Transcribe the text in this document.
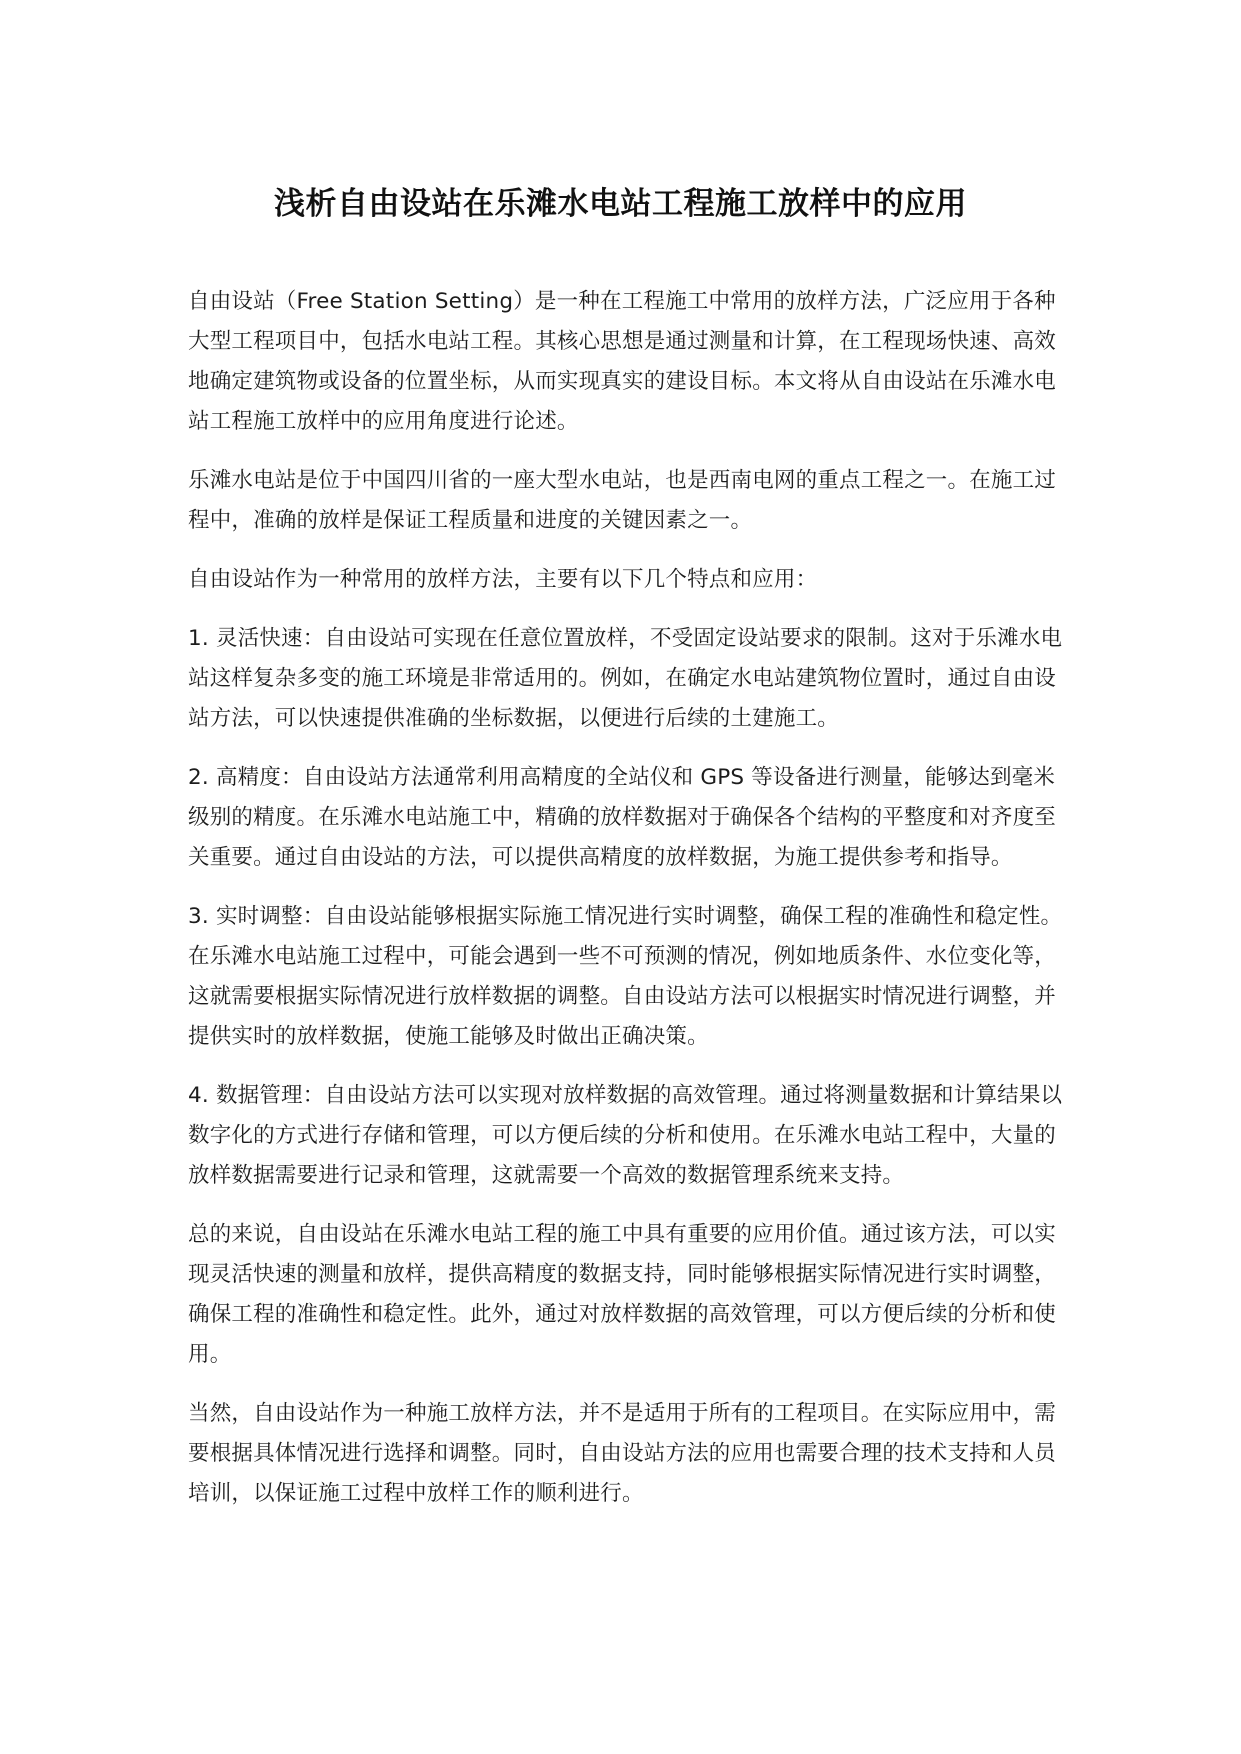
浅析自由设站在乐滩水电站工程施工放样中的应用

自由设站（Free Station Setting）是一种在工程施工中常用的放样方法，广泛应用于各种大型工程项目中，包括水电站工程。其核心思想是通过测量和计算，在工程现场快速、高效地确定建筑物或设备的位置坐标，从而实现真实的建设目标。本文将从自由设站在乐滩水电站工程施工放样中的应用角度进行论述。

乐滩水电站是位于中国四川省的一座大型水电站，也是西南电网的重点工程之一。在施工过程中，准确的放样是保证工程质量和进度的关键因素之一。

自由设站作为一种常用的放样方法，主要有以下几个特点和应用：

1. 灵活快速：自由设站可实现在任意位置放样，不受固定设站要求的限制。这对于乐滩水电站这样复杂多变的施工环境是非常适用的。例如，在确定水电站建筑物位置时，通过自由设站方法，可以快速提供准确的坐标数据，以便进行后续的土建施工。

2. 高精度：自由设站方法通常利用高精度的全站仪和 GPS 等设备进行测量，能够达到毫米级别的精度。在乐滩水电站施工中，精确的放样数据对于确保各个结构的平整度和对齐度至关重要。通过自由设站的方法，可以提供高精度的放样数据，为施工提供参考和指导。

3. 实时调整：自由设站能够根据实际施工情况进行实时调整，确保工程的准确性和稳定性。在乐滩水电站施工过程中，可能会遇到一些不可预测的情况，例如地质条件、水位变化等，这就需要根据实际情况进行放样数据的调整。自由设站方法可以根据实时情况进行调整，并提供实时的放样数据，使施工能够及时做出正确决策。

4. 数据管理：自由设站方法可以实现对放样数据的高效管理。通过将测量数据和计算结果以数字化的方式进行存储和管理，可以方便后续的分析和使用。在乐滩水电站工程中，大量的放样数据需要进行记录和管理，这就需要一个高效的数据管理系统来支持。

总的来说，自由设站在乐滩水电站工程的施工中具有重要的应用价值。通过该方法，可以实现灵活快速的测量和放样，提供高精度的数据支持，同时能够根据实际情况进行实时调整，确保工程的准确性和稳定性。此外，通过对放样数据的高效管理，可以方便后续的分析和使用。

当然，自由设站作为一种施工放样方法，并不是适用于所有的工程项目。在实际应用中，需要根据具体情况进行选择和调整。同时，自由设站方法的应用也需要合理的技术支持和人员培训，以保证施工过程中放样工作的顺利进行。
